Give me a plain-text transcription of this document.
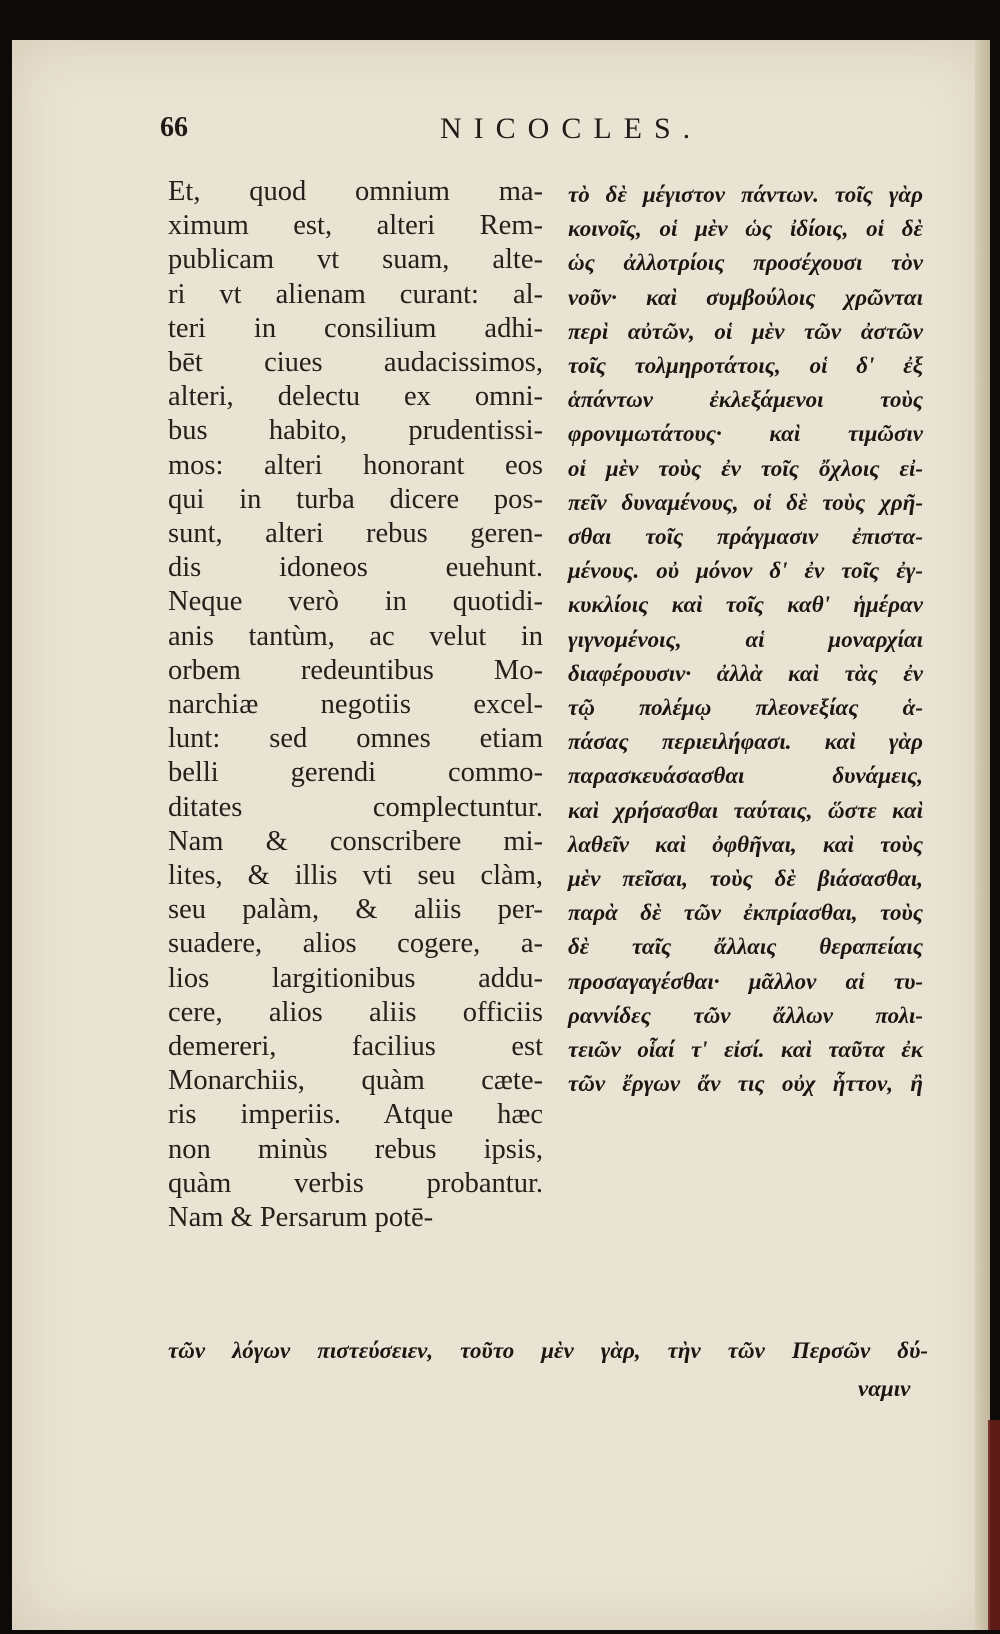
66	NICOCLES.
Et, quod omnium ma-
ximum est, alteri Rem-
publicam vt suam, alte-
ri vt alienam curant: al-
teri in consilium adhi-
bēt ciues audacissimos,
alteri, delectu ex omni-
bus habito, prudentissi-
mos: alteri honorant eos
qui in turba dicere pos-
sunt, alteri rebus geren-
dis idoneos euehunt.
Neque verò in quotidi-
anis tantùm, ac velut in
orbem redeuntibus Mo-
narchiæ negotiis excel-
lunt: sed omnes etiam
belli gerendi commo-
ditates complectuntur.
Nam & conscribere mi-
lites, & illis vti seu clàm,
seu palàm, & aliis per-
suadere, alios cogere, a-
lios largitionibus addu-
cere, alios aliis officiis
demereri, facilius est
Monarchiis, quàm cæte-
ris imperiis. Atque hæc
non minùs rebus ipsis,
quàm verbis probantur.
Nam & Persarum potē-
τὸ δὲ μέγιστον πάντων. τοῖς γὰρ
κοινοῖς, οἱ μὲν ὡς ἰδίοις, οἱ δὲ
ὡς ἀλλοτρίοις προσέχουσι τὸν
νοῦν· καὶ συμβούλοις χρῶνται
περὶ αὐτῶν, οἱ μὲν τῶν ἀστῶν
τοῖς τολμηροτάτοις, οἱ δ' ἐξ
ἁπάντων ἐκλεξάμενοι τοὺς
φρονιμωτάτους· καὶ τιμῶσιν
οἱ μὲν τοὺς ἐν τοῖς ὄχλοις εἰ-
πεῖν δυναμένους, οἱ δὲ τοὺς χρῆ-
σθαι τοῖς πράγμασιν ἐπιστα-
μένους. οὐ μόνον δ' ἐν τοῖς ἐγ-
κυκλίοις καὶ τοῖς καθ' ἡμέραν
γιγνομένοις, αἱ μοναρχίαι
διαφέρουσιν· ἀλλὰ καὶ τὰς ἐν
τῷ πολέμῳ πλεονεξίας ἁ-
πάσας περιειλήφασι. καὶ γὰρ
παρασκευάσασθαι δυνάμεις,
καὶ χρήσασθαι ταύταις, ὥστε καὶ
λαθεῖν καὶ ὀφθῆναι, καὶ τοὺς
μὲν πεῖσαι, τοὺς δὲ βιάσασθαι,
παρὰ δὲ τῶν ἐκπρίασθαι, τοὺς
δὲ ταῖς ἄλλαις θεραπείαις
προσαγαγέσθαι· μᾶλλον αἱ τυ-
ραννίδες τῶν ἄλλων πολι-
τειῶν οἷαί τ' εἰσί. καὶ ταῦτα ἐκ
τῶν ἔργων ἄν τις οὐχ ἧττον, ἢ
τῶν λόγων πιστεύσειεν, τοῦτο μὲν γὰρ, τὴν τῶν Περσῶν δύ-
ναμιν
